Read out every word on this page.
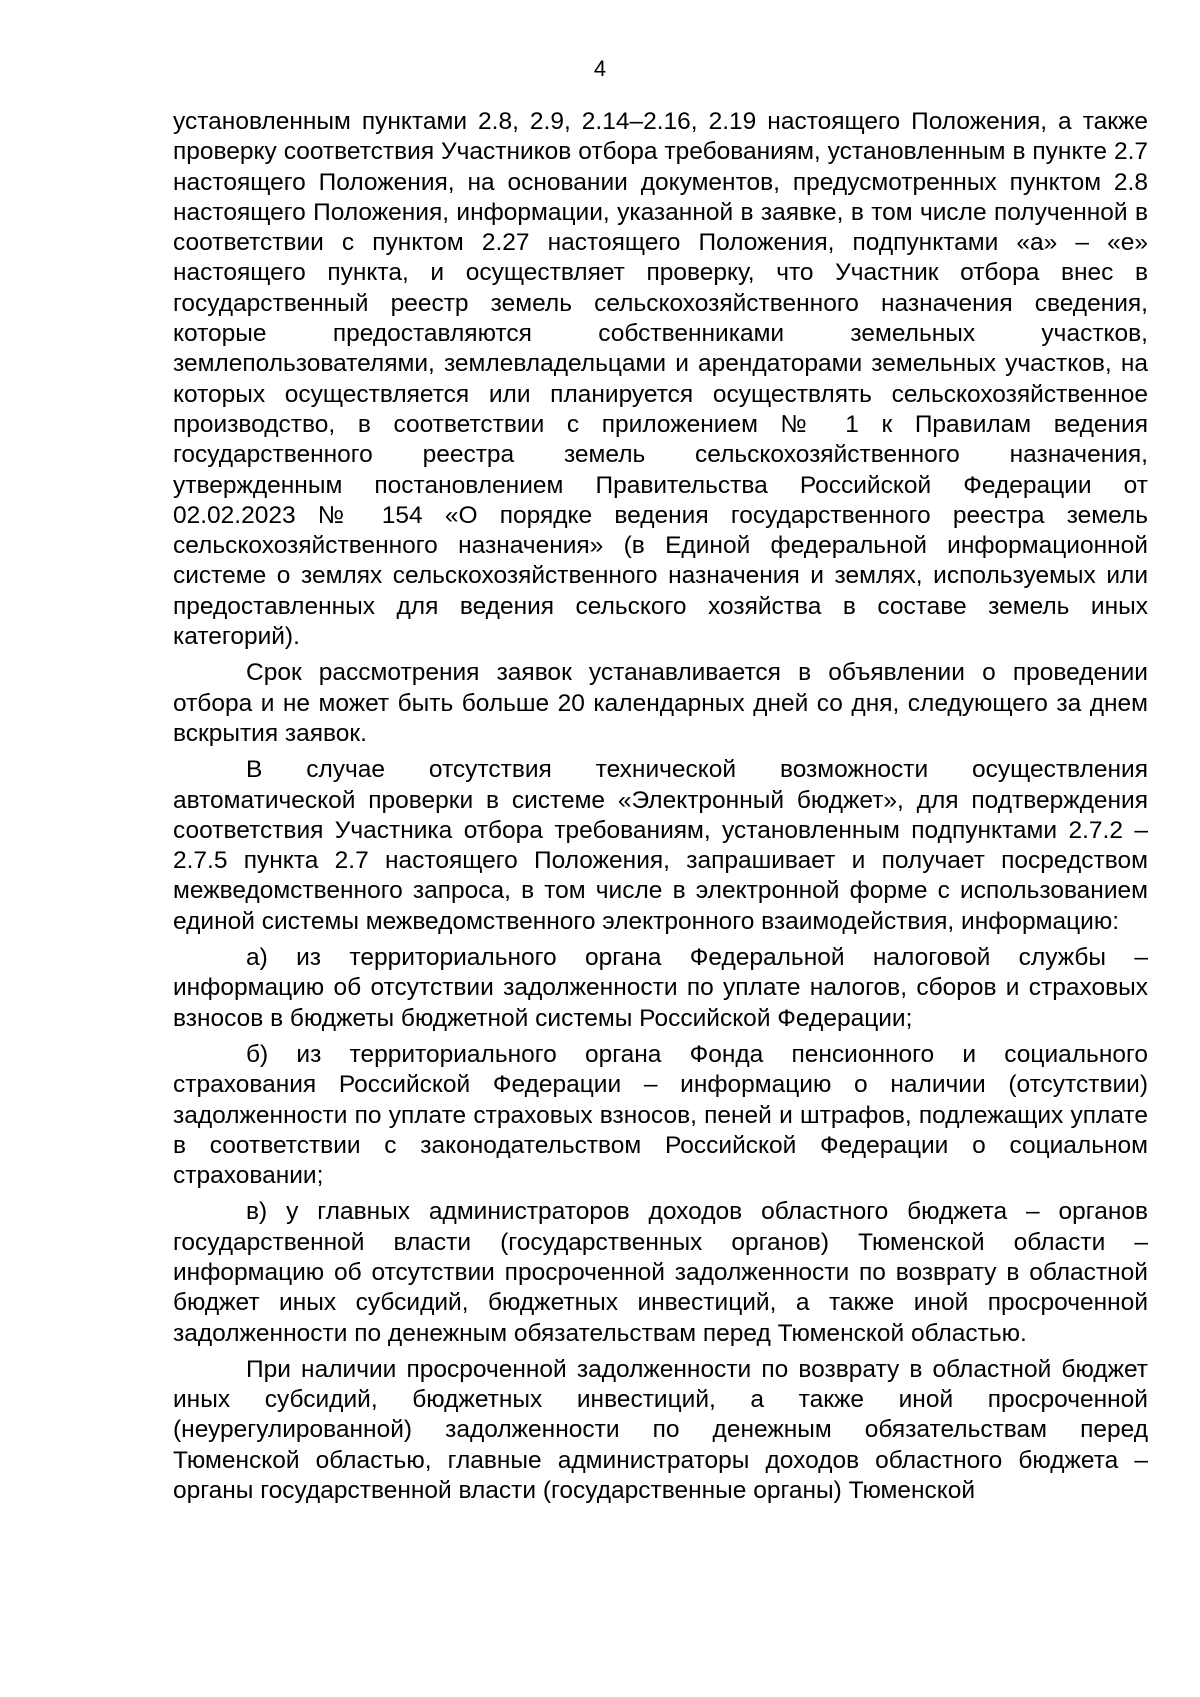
4

установленным пунктами 2.8, 2.9, 2.14–2.16, 2.19 настоящего Положения, а также проверку соответствия Участников отбора требованиям, установленным в пункте 2.7 настоящего Положения, на основании документов, предусмотренных пунктом 2.8 настоящего Положения, информации, указанной в заявке, в том числе полученной в соответствии с пунктом 2.27 настоящего Положения, подпунктами «а» – «е» настоящего пункта, и осуществляет проверку, что Участник отбора внес в государственный реестр земель сельскохозяйственного назначения сведения, которые предоставляются собственниками земельных участков, землепользователями, землевладельцами и арендаторами земельных участков, на которых осуществляется или планируется осуществлять сельскохозяйственное производство, в соответствии с приложением № 1 к Правилам ведения государственного реестра земель сельскохозяйственного назначения, утвержденным постановлением Правительства Российской Федерации от 02.02.2023 № 154 «О порядке ведения государственного реестра земель сельскохозяйственного назначения» (в Единой федеральной информационной системе о землях сельскохозяйственного назначения и землях, используемых или предоставленных для ведения сельского хозяйства в составе земель иных категорий).

Срок рассмотрения заявок устанавливается в объявлении о проведении отбора и не может быть больше 20 календарных дней со дня, следующего за днем вскрытия заявок.

В случае отсутствия технической возможности осуществления автоматической проверки в системе «Электронный бюджет», для подтверждения соответствия Участника отбора требованиям, установленным подпунктами 2.7.2 – 2.7.5 пункта 2.7 настоящего Положения, запрашивает и получает посредством межведомственного запроса, в том числе в электронной форме с использованием единой системы межведомственного электронного взаимодействия, информацию:

а) из территориального органа Федеральной налоговой службы – информацию об отсутствии задолженности по уплате налогов, сборов и страховых взносов в бюджеты бюджетной системы Российской Федерации;

б) из территориального органа Фонда пенсионного и социального страхования Российской Федерации – информацию о наличии (отсутствии) задолженности по уплате страховых взносов, пеней и штрафов, подлежащих уплате в соответствии с законодательством Российской Федерации о социальном страховании;

в) у главных администраторов доходов областного бюджета – органов государственной власти (государственных органов) Тюменской области – информацию об отсутствии просроченной задолженности по возврату в областной бюджет иных субсидий, бюджетных инвестиций, а также иной просроченной задолженности по денежным обязательствам перед Тюменской областью.

При наличии просроченной задолженности по возврату в областной бюджет иных субсидий, бюджетных инвестиций, а также иной просроченной (неурегулированной) задолженности по денежным обязательствам перед Тюменской областью, главные администраторы доходов областного бюджета – органы государственной власти (государственные органы) Тюменской
